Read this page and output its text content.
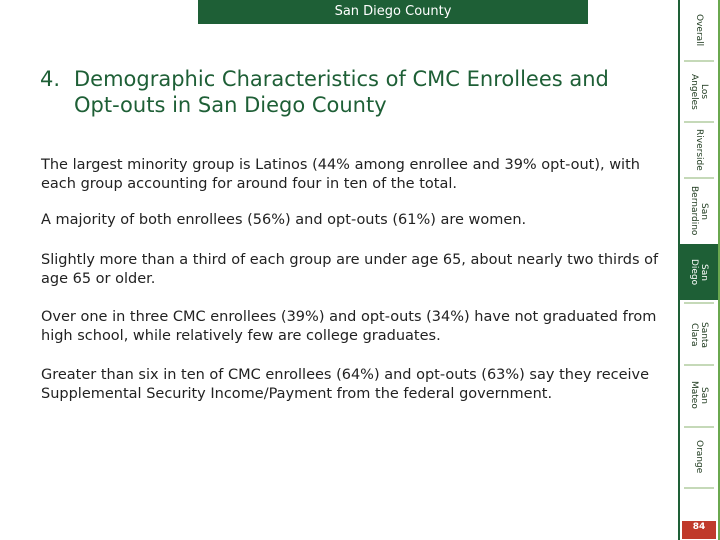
San Diego County
4. Demographic Characteristics of CMC Enrollees and
Opt-outs in San Diego County
The largest minority group is Latinos (44% among enrollee and 39% opt-out), with each group accounting for around four in ten of the total.
A majority of both enrollees (56%) and opt-outs (61%) are women.
Slightly more than a third of each group are under age 65, about nearly two thirds of age 65 or older.
Over one in three CMC enrollees (39%) and opt-outs (34%) have not graduated from high school, while relatively few are college graduates.
Greater than six in ten of CMC enrollees (64%) and opt-outs (63%) say they receive Supplemental Security Income/Payment from the federal government.
Overall
Los
Angeles
Riverside
San
Bernardino
San
Diego
Santa
Clara
San
Mateo
Orange
84
